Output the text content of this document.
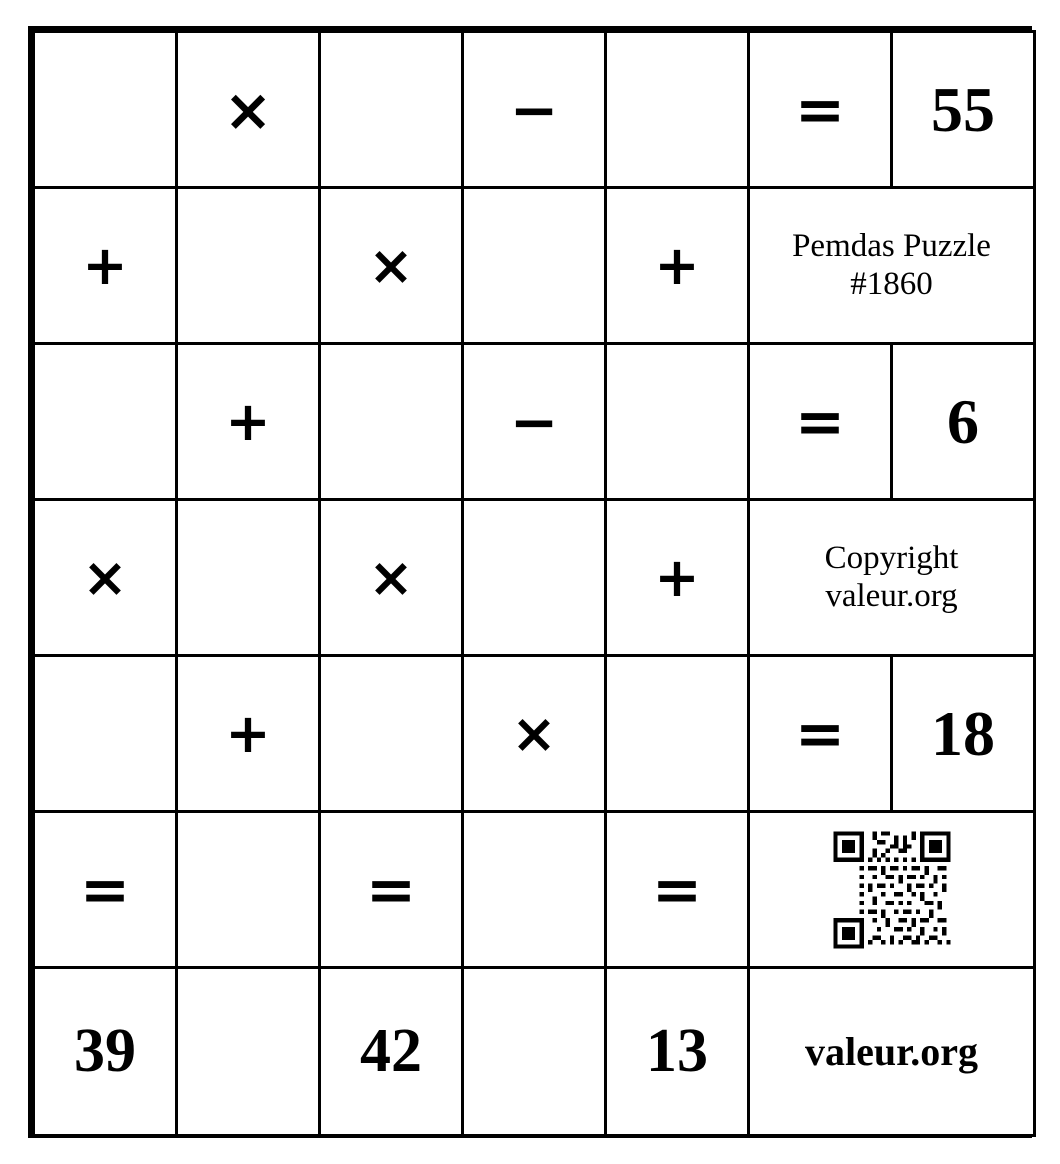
	×		−		=	55
+		×		+	Pemdas Puzzle #1860	

	+		−		=	6
×		×		+	Copyright valeur.org	

	+		×		=	18
=		=		=	

39		42		13	valeur.org	
